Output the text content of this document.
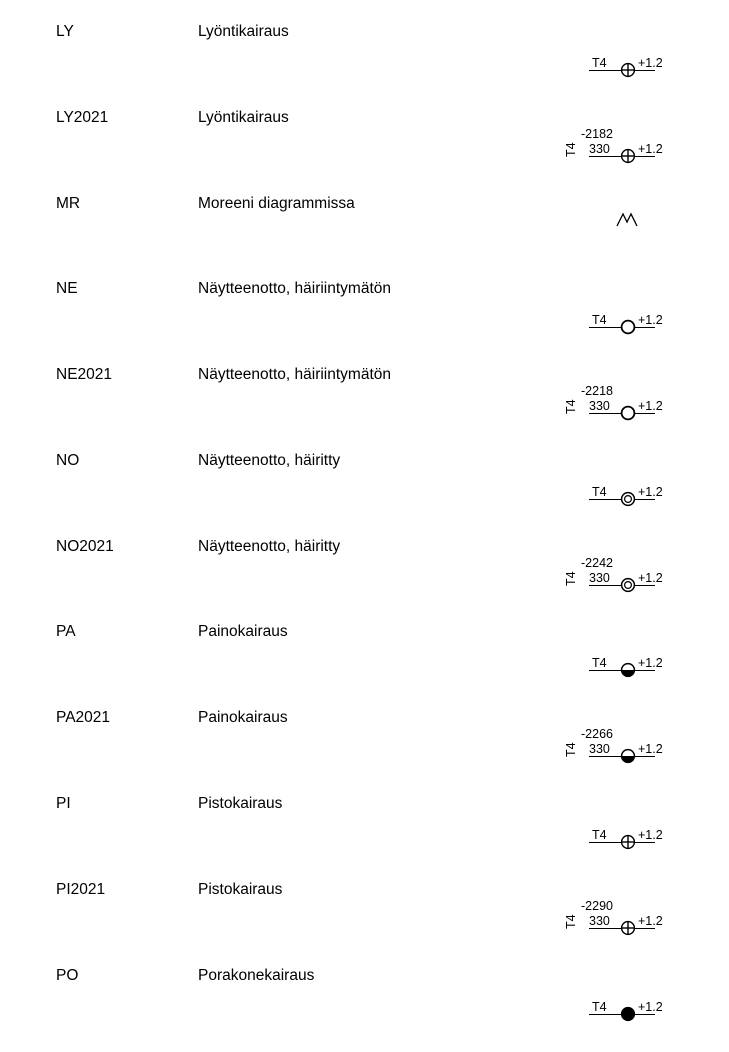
LY	Lyöntikairaus
+1.2
T4
LY2021	Lyöntikairaus
+1.2
330
-2182
T4
MR	Moreeni diagrammissa
NE	Näytteenotto, häiriintymätön
+1.2
T4
NE2021	Näytteenotto, häiriintymätön
+1.2
330
-2218
T4
NO	Näytteenotto, häiritty
+1.2
T4
NO2021	Näytteenotto, häiritty
+1.2
330
-2242
T4
PA	Painokairaus
+1.2
T4
PA2021	Painokairaus
+1.2
330
-2266
T4
PI	Pistokairaus
+1.2
T4
PI2021	Pistokairaus
+1.2
330
-2290
T4
PO	Porakonekairaus
+1.2
T4
